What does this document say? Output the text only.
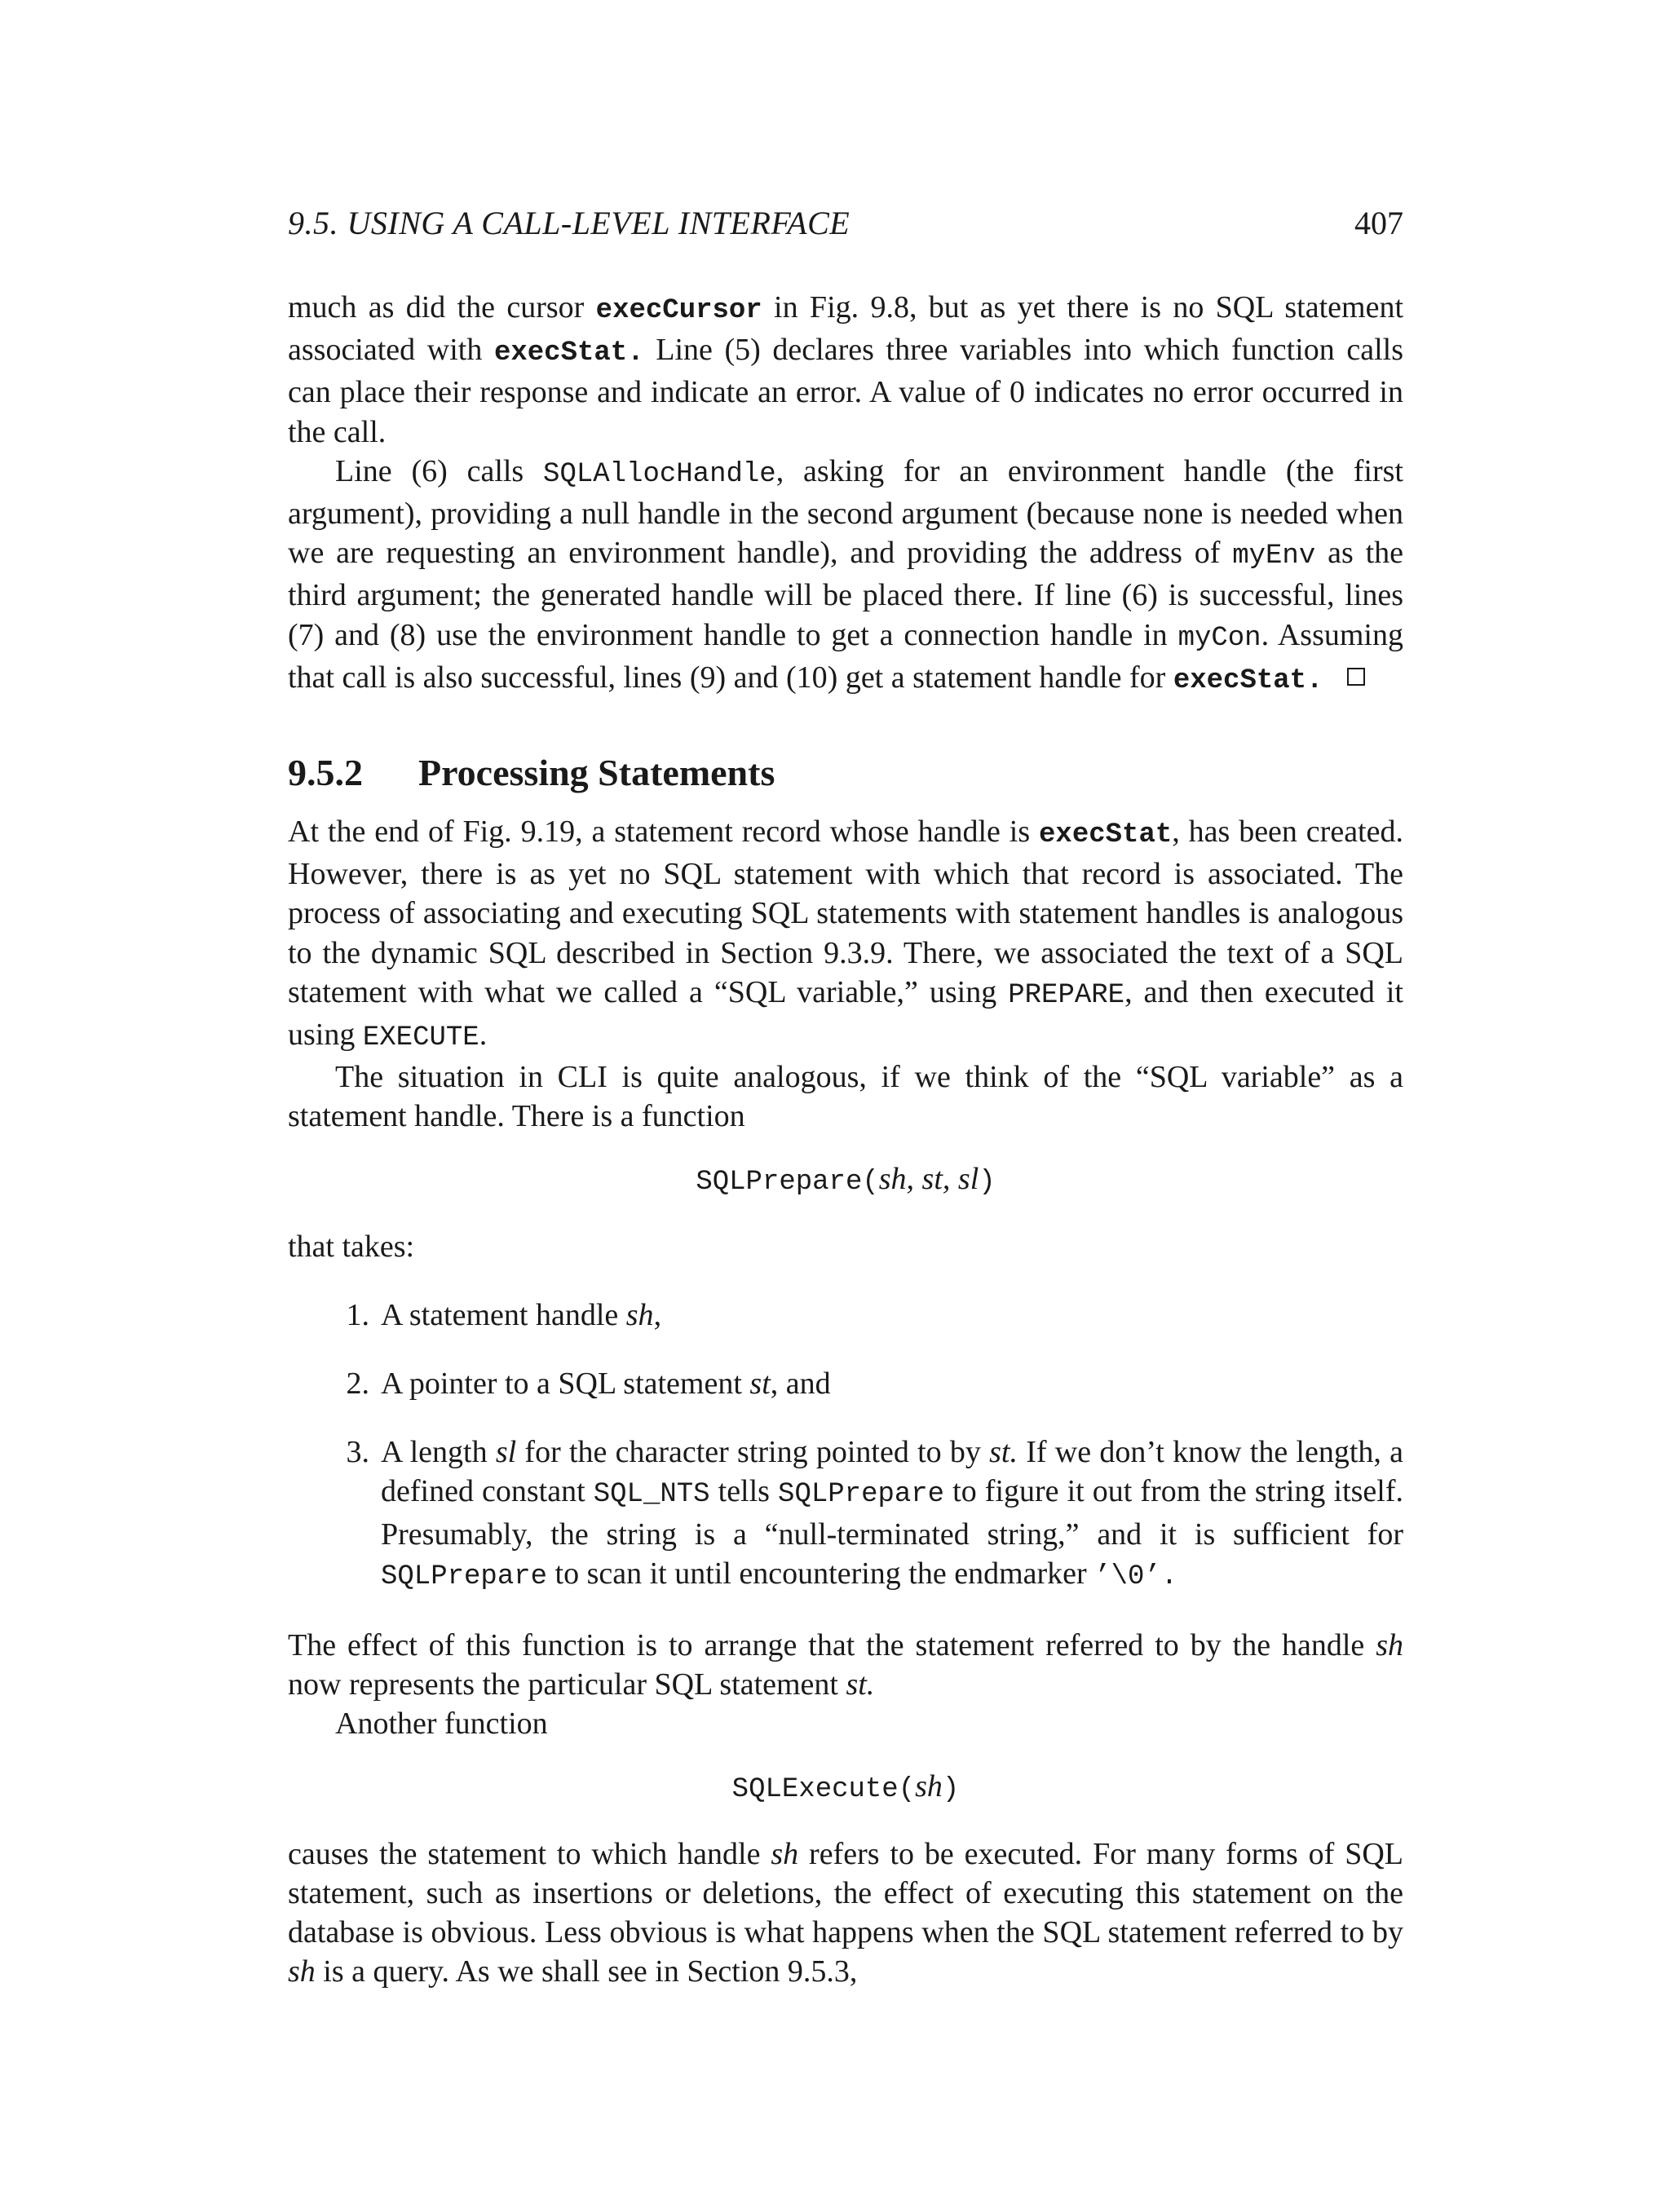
9.5. USING A CALL-LEVEL INTERFACE	407

much as did the cursor execCursor in Fig. 9.8, but as yet there is no SQL statement associated with execStat. Line (5) declares three variables into which function calls can place their response and indicate an error. A value of 0 indicates no error occurred in the call.

Line (6) calls SQLAllocHandle, asking for an environment handle (the first argument), providing a null handle in the second argument (because none is needed when we are requesting an environment handle), and providing the address of myEnv as the third argument; the generated handle will be placed there. If line (6) is successful, lines (7) and (8) use the environment handle to get a connection handle in myCon. Assuming that call is also successful, lines (9) and (10) get a statement handle for execStat.

9.5.2	Processing Statements

At the end of Fig. 9.19, a statement record whose handle is execStat, has been created. However, there is as yet no SQL statement with which that record is associated. The process of associating and executing SQL statements with statement handles is analogous to the dynamic SQL described in Section 9.3.9. There, we associated the text of a SQL statement with what we called a “SQL variable,” using PREPARE, and then executed it using EXECUTE.

The situation in CLI is quite analogous, if we think of the “SQL variable” as a statement handle. There is a function

SQLPrepare(sh, st, sl)

that takes:

1. A statement handle sh,
2. A pointer to a SQL statement st, and
3. A length sl for the character string pointed to by st. If we don’t know the length, a defined constant SQL_NTS tells SQLPrepare to figure it out from the string itself. Presumably, the string is a “null-terminated string,” and it is sufficient for SQLPrepare to scan it until encountering the endmarker ’\0’.

The effect of this function is to arrange that the statement referred to by the handle sh now represents the particular SQL statement st.

Another function

SQLExecute(sh)

causes the statement to which handle sh refers to be executed. For many forms of SQL statement, such as insertions or deletions, the effect of executing this statement on the database is obvious. Less obvious is what happens when the SQL statement referred to by sh is a query. As we shall see in Section 9.5.3,
